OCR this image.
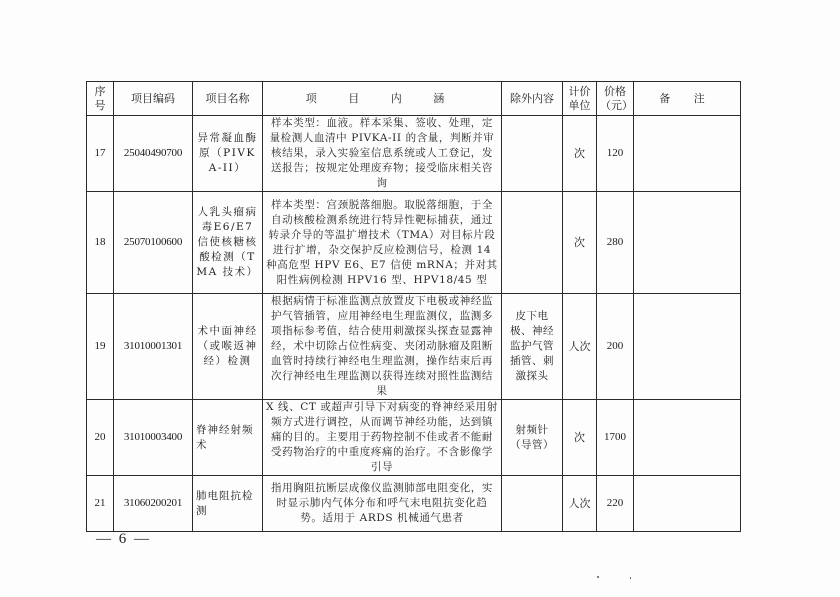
序号	项目编码	项目名称	项 目 内 涵	除外内容	计价单位	价格（元）	备 注
17	25040490700	异常凝血酶原（PIVKA-II）	样本类型：血液。样本采集、签收、处理，定量检测人血清中 PIVKA-II 的含量，判断并审核结果，录入实验室信息系统或人工登记，发送报告；按规定处理废弃物；接受临床相关咨询		次	120	
18	25070100600	人乳头瘤病毒E6/E7 信使核糖核酸检测（TMA 技术）	样本类型：宫颈脱落细胞。取脱落细胞，于全自动核酸检测系统进行特异性靶标捕获，通过转录介导的等温扩增技术（TMA）对目标片段进行扩增，杂交保护反应检测信号，检测 14 种高危型 HPV E6、E7 信使 mRNA；并对其阳性病例检测 HPV16 型、HPV18/45 型		次	280	
19	31010001301	术中面神经（或喉返神经）检测	根据病情于标准监测点放置皮下电极或神经监护气管插管，应用神经电生理监测仪，监测多项指标参考值，结合使用刺激探头探查显露神经，术中切除占位性病变、夹闭动脉瘤及阻断血管时持续行神经电生理监测，操作结束后再次行神经电生理监测以获得连续对照性监测结果	皮下电极、神经监护气管插管、刺激探头	人次	200	
20	31010003400	脊神经射频术	X 线、CT 或超声引导下对病变的脊神经采用射频方式进行调控，从而调节神经功能，达到镇痛的目的。主要用于药物控制不佳或者不能耐受药物治疗的中重度疼痛的治疗。不含影像学引导	射频针（导管）	次	1700	
21	31060200201	肺电阻抗检测	指用胸阻抗断层成像仪监测肺部电阻变化，实时显示肺内气体分布和呼气末电阻抗变化趋势。适用于 ARDS 机械通气患者		人次	220	
— 6 —
